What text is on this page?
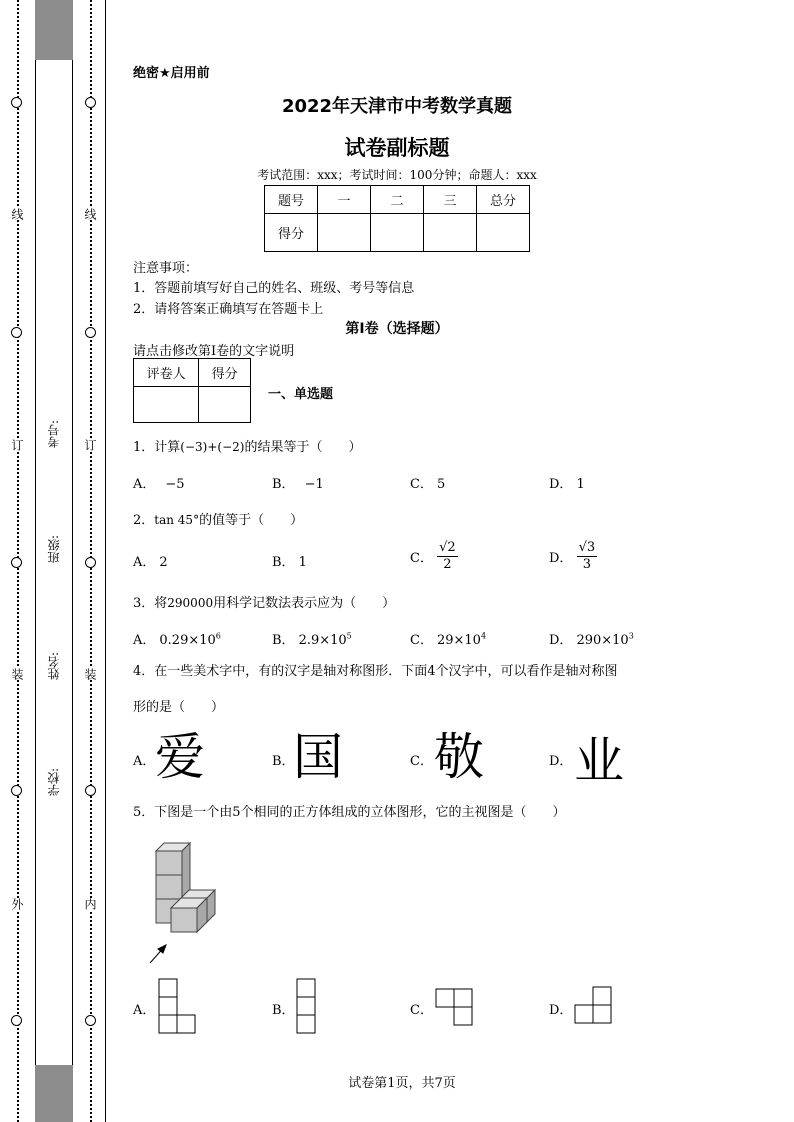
线
订
装
外
线
订
装
内
考号:
班级:
姓名:
学校:
绝密★启用前
2022年天津市中考数学真题
试卷副标题
考试范围：xxx；考试时间：100分钟；命题人：xxx
题号	一	二	三	总分
得分				
注意事项：
1．答题前填写好自己的姓名、班级、考号等信息
2．请将答案正确填写在答题卡上
第I卷（选择题）
请点击修改第I卷的文字说明
评卷人	得分

一、单选题
1．计算(−3)+(−2)的结果等于（　　）
A． −5	B． −1	C． 5	D． 1
2．tan 45°的值等于（　　）
A． 2	B． 1	C． $\frac{√2}{2}$	D． $\frac{√3}{3}$
3．将290000用科学记数法表示应为（　　）
A． $0.29\times 10^6$	B． $2.9\times 10^5$	C． $29\times 10^4$	D． $290\times 10^3$
4．在一些美术字中，有的汉字是轴对称图形．下面4个汉字中，可以看作是轴对称图
形的是（　　）
A． 爱	B．
国	C． 敬	D． 业
5．下图是一个由5个相同的正方体组成的立体图形，它的主视图是（　　）
A．	B．	C．	D．
试卷第1页，共7页
